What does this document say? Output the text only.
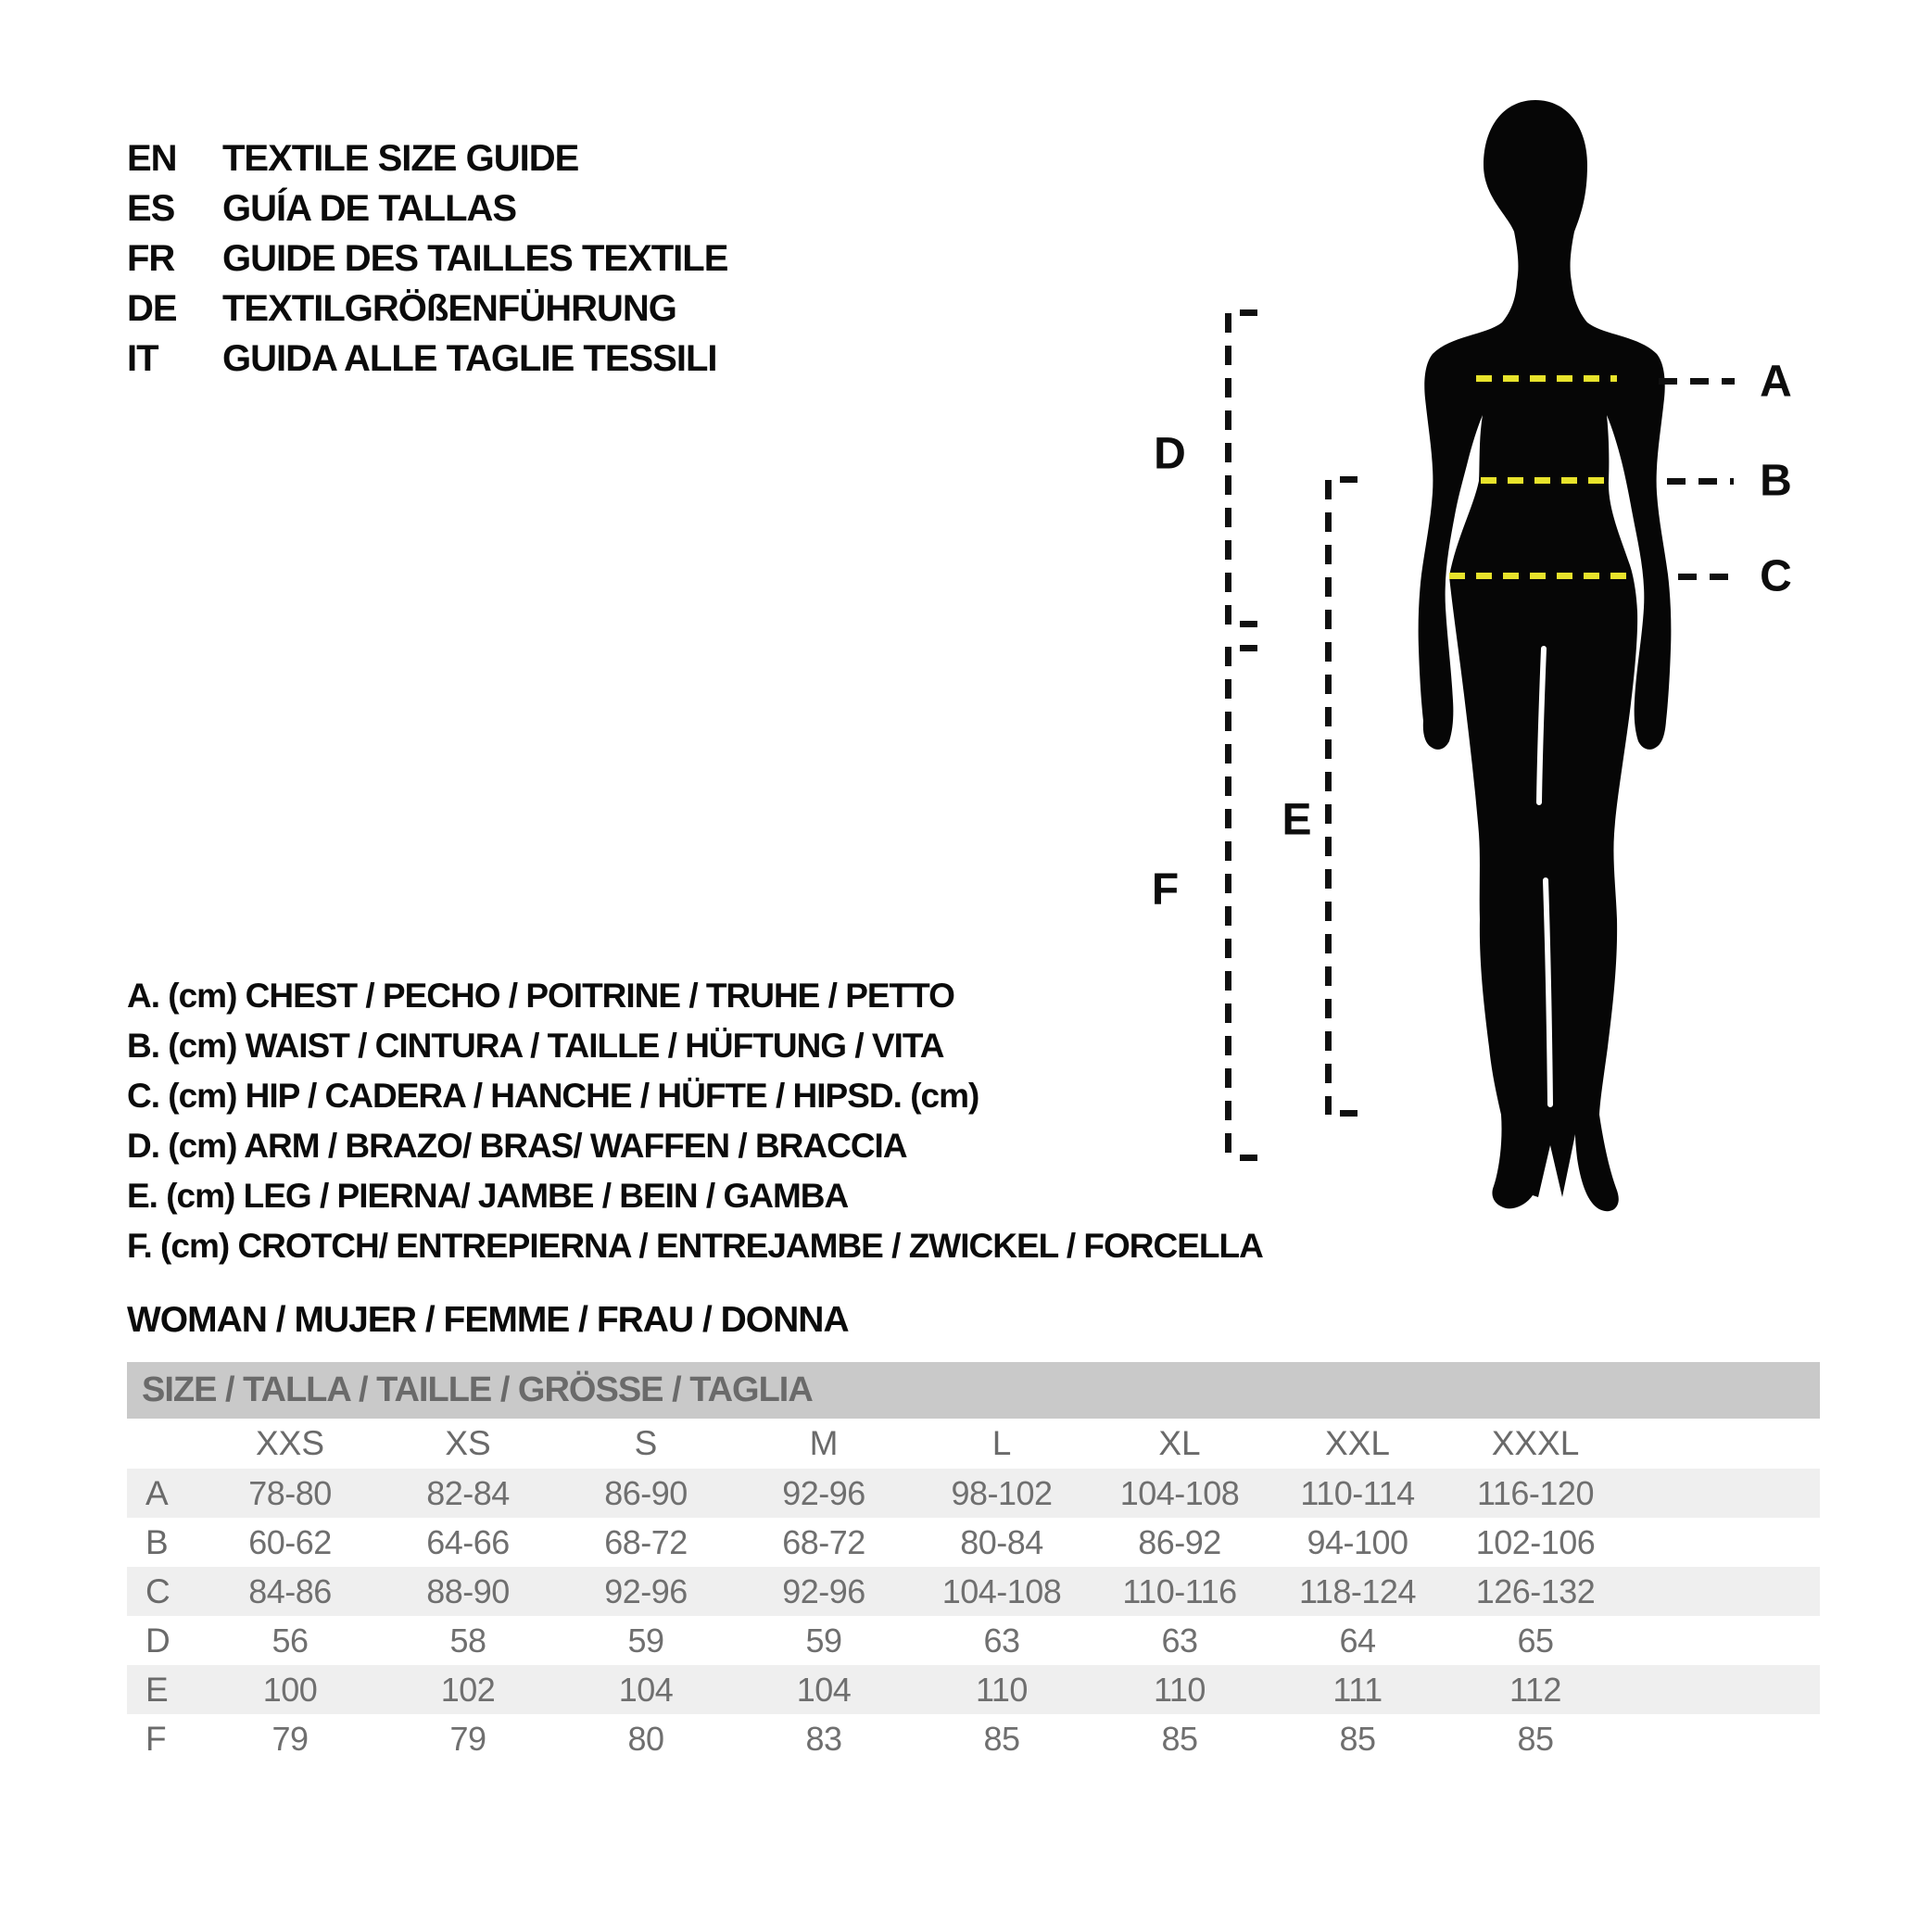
EN	TEXTILE SIZE GUIDE
ES	GUÍA DE TALLAS
FR	GUIDE DES TAILLES TEXTILE
DE	TEXTILGRÖßENFÜHRUNG
IT	GUIDA ALLE TAGLIE TESSILI	A
B
C
D
F
E
A. (cm) CHEST / PECHO / POITRINE / TRUHE / PETTO
B. (cm) WAIST / CINTURA / TAILLE / HÜFTUNG / VITA
C. (cm) HIP / CADERA / HANCHE / HÜFTE / HIPSD. (cm)
D. (cm) ARM / BRAZO/ BRAS/ WAFFEN / BRACCIA
E. (cm) LEG / PIERNA/ JAMBE / BEIN / GAMBA
F. (cm) CROTCH/ ENTREPIERNA / ENTREJAMBE / ZWICKEL / FORCELLA
WOMAN / MUJER / FEMME / FRAU / DONNA
SIZE / TALLA / TAILLE / GRÖSSE / TAGLIA
XXS	XS	S	M	L	XL	XXL	XXXL
A	78-80	82-84	86-90	92-96	98-102	104-108	110-114	116-120
B	60-62	64-66	68-72	68-72	80-84	86-92	94-100	102-106
C	84-86	88-90	92-96	92-96	104-108	110-116	118-124	126-132
D	56	58	59	59	63	63	64	65
E	100	102	104	104	110	110	111	112
F	79	79	80	83	85	85	85	85
